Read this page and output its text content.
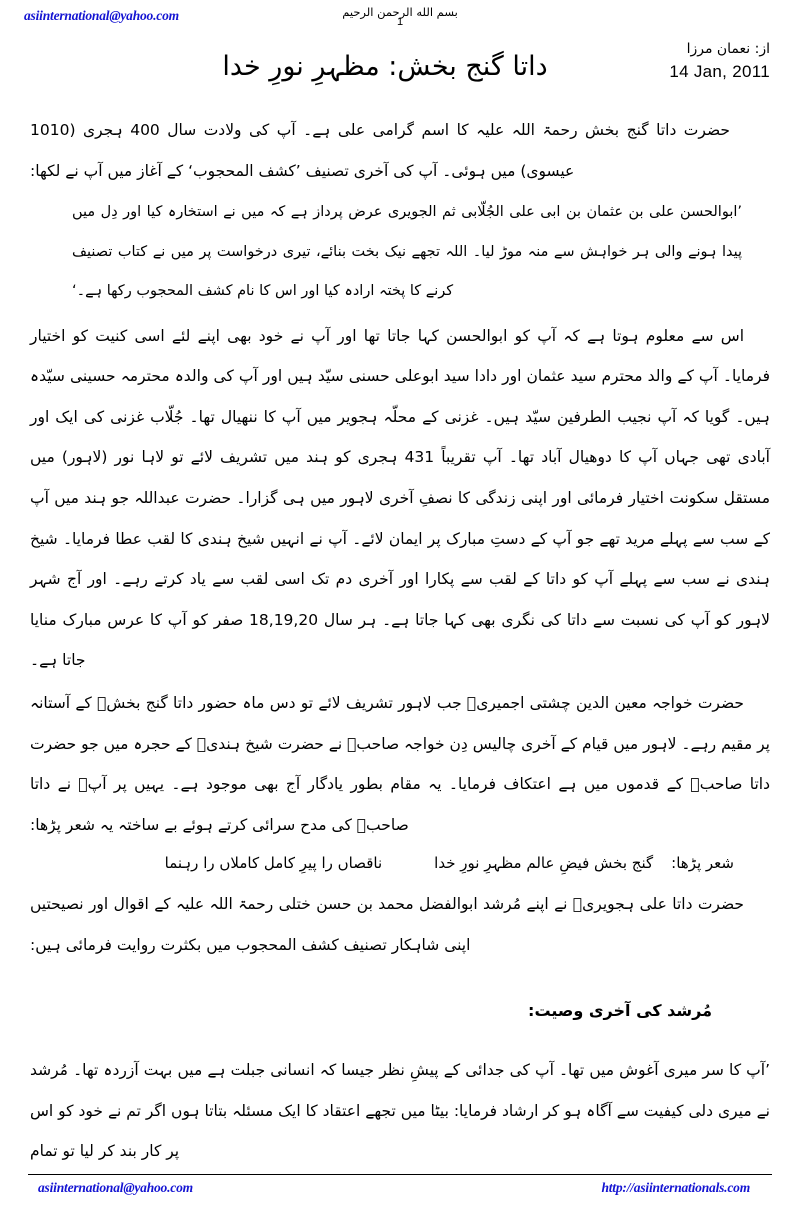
asiinternational@yahoo.com	بسم الله الرحمن الرحيم
1
از: نعمان مرزا
14 Jan, 2011
داتا گنج بخش: مظہرِ نورِ خدا

حضرت داتا گنج بخش رحمۃ اللہ علیہ کا اسم گرامی علی ہے۔ آپ کی ولادت سال 400 ہجری (1010 عیسوی) میں ہوئی۔ آپ کی آخری تصنیف ’کشف المحجوب‘ کے آغاز میں آپ نے لکھا:

’ابوالحسن علی بن عثمان بن ابی علی الجُلّابی ثم الجویری عرض پرداز ہے کہ میں نے استخارہ کیا اور دِل میں پیدا ہونے والی ہر خواہش سے منہ موڑ لیا۔ اللہ تجھے نیک بخت بنائے، تیری درخواست پر میں نے کتاب تصنیف کرنے کا پختہ ارادہ کیا اور اس کا نام کشف المحجوب رکھا ہے۔‘

اس سے معلوم ہوتا ہے کہ آپ کو ابوالحسن کہا جاتا تھا اور آپ نے خود بھی اپنے لئے اسی کنیت کو اختیار فرمایا۔ آپ کے والد محترم سید عثمان اور دادا سید ابوعلی حسنی سیّد ہیں اور آپ کی والدہ محترمہ حسینی سیّدہ ہیں۔ گویا کہ آپ نجیب الطرفین سیّد ہیں۔ غزنی کے محلّہ ہجویر میں آپ کا ننھیال تھا۔ جُلّاب غزنی کی ایک اور آبادی تھی جہاں آپ کا دوھیال آباد تھا۔ آپ تقریباً 431 ہجری کو ہند میں تشریف لائے تو لاہا نور (لاہور) میں مستقل سکونت اختیار فرمائی اور اپنی زندگی کا نصفِ آخری لاہور میں ہی گزارا۔ حضرت عبداللہ جو ہند میں آپ کے سب سے پہلے مرید تھے جو آپ کے دستِ مبارک پر ایمان لائے۔ آپ نے انہیں شیخ ہندی کا لقب عطا فرمایا۔ شیخ ہندی نے سب سے پہلے آپ کو داتا کے لقب سے پکارا اور آخری دم تک اسی لقب سے یاد کرتے رہے۔ اور آج شہر لاہور کو آپ کی نسبت سے داتا کی نگری بھی کہا جاتا ہے۔ ہر سال 18,19,20 صفر کو آپ کا عرس مبارک منایا جاتا ہے۔

حضرت خواجہ معین الدین چشتی اجمیریؒ جب لاہور تشریف لائے تو دس ماہ حضور داتا گنج بخشؒ کے آستانہ پر مقیم رہے۔ لاہور میں قیام کے آخری چالیس دِن خواجہ صاحبؒ نے حضرت شیخ ہندیؒ کے حجرہ میں جو حضرت داتا صاحبؒ کے قدموں میں ہے اعتکاف فرمایا۔ یہ مقام بطور یادگار آج بھی موجود ہے۔ یہیں پر آپؒ نے داتا صاحبؒ کی مدح سرائی کرتے ہوئے بے ساختہ یہ شعر پڑھا:

شعر پڑھا:
گنج بخش فیضِ عالم مظہرِ نورِ خدا
ناقصاں را پیرِ کامل کاملاں را رہنما

حضرت داتا علی ہجویریؒ نے اپنے مُرشد ابوالفضل محمد بن حسن ختلی رحمۃ اللہ علیہ کے اقوال اور نصیحتیں اپنی شاہکار تصنیف کشف المحجوب میں بکثرت روایت فرمائی ہیں:

مُرشد کی آخری وصیت:

’آپ کا سر میری آغوش میں تھا۔ آپ کی جدائی کے پیشِ نظر جیسا کہ انسانی جبلت ہے میں بہت آزردہ تھا۔ مُرشد نے میری دلی کیفیت سے آگاہ ہو کر ارشاد فرمایا: بیٹا میں تجھے اعتقاد کا ایک مسئلہ بتاتا ہوں اگر تم نے خود کو اس پر کار بند کر لیا تو تمام

asiinternational@yahoo.com	http://asiinternationals.com
